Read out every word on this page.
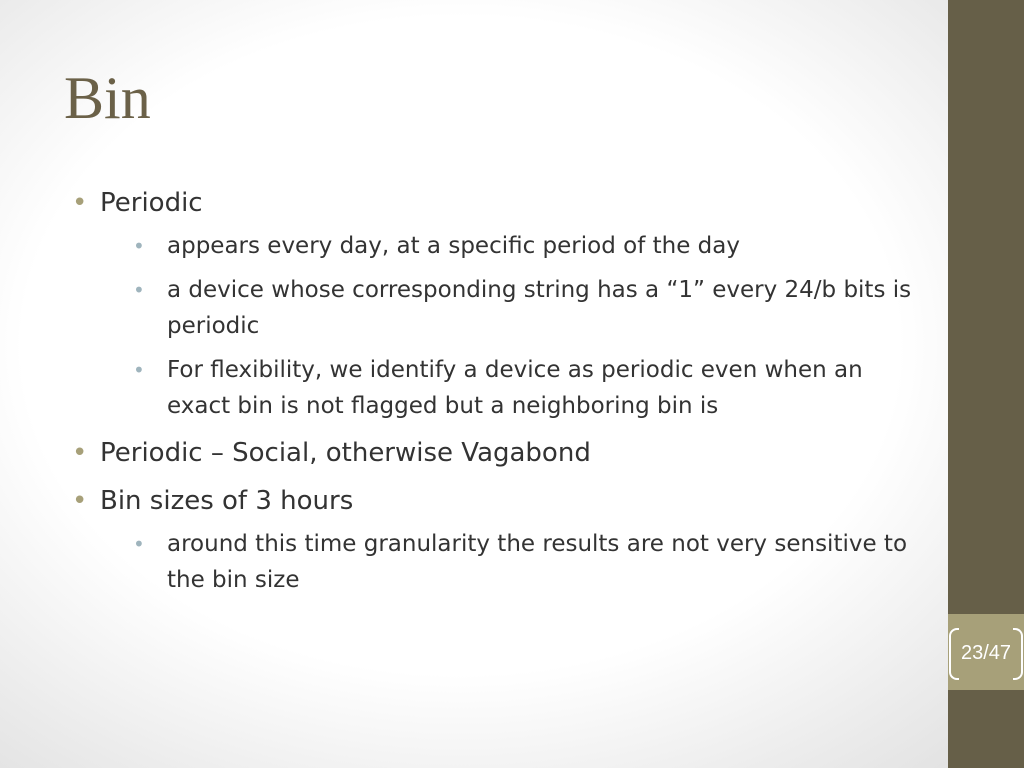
Bin
• Periodic
• appears every day, at a specific period of the day
• a device whose corresponding string has a “1” every 24/b bits is periodic
• For flexibility, we identify a device as periodic even when an exact bin is not flagged but a neighboring bin is
• Periodic – Social, otherwise Vagabond
• Bin sizes of 3 hours
• around this time granularity the results are not very sensitive to the bin size
23/47
